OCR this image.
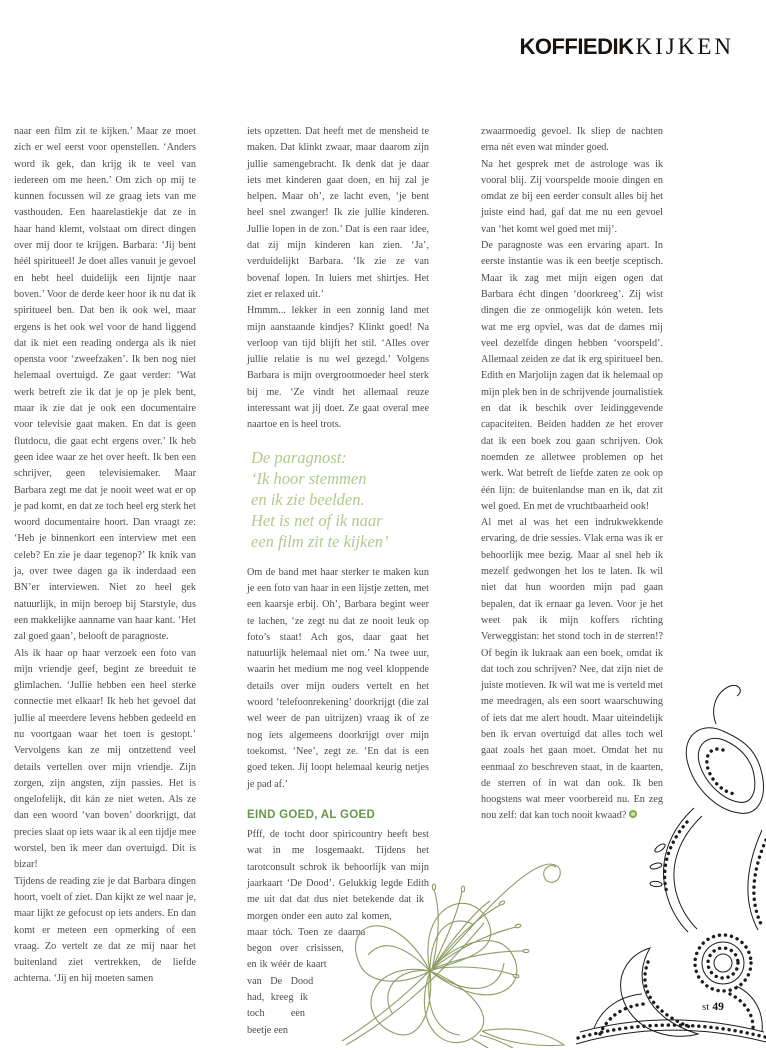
KOFFIEDIKKIJKEN

naar een film zit te kijken.’ Maar ze moet zich er wel eerst voor openstellen. ‘Anders word ik gek, dan krijg ik te veel van iedereen om me heen.’ Om zich op mij te kunnen focussen wil ze graag iets van me vasthouden. Een haarelastiekje dat ze in haar hand klemt, volstaat om direct dingen over mij door te krijgen. Barbara: ‘Jij bent héél spiritueel! Je doet alles vanuit je gevoel en hebt heel duidelijk een lijntje naar boven.’ Voor de derde keer hoor ik nu dat ik spiritueel ben. Dat ben ik ook wel, maar ergens is het ook wel voor de hand liggend dat ik niet een reading onderga als ik niet opensta voor ‘zweefzaken’. Ik ben nog niet helemaal overtuigd. Ze gaat verder: ‘Wat werk betreft zie ik dat je op je plek bent, maar ik zie dat je ook een documentaire voor televisie gaat maken. En dat is geen flutdocu, die gaat echt ergens over.’ Ik heb geen idee waar ze het over heeft. Ik ben een schrijver, geen televisiemaker. Maar Barbara zegt me dat je nooit weet wat er op je pad komt, en dat ze toch heel erg sterk het woord documentaire hoort. Dan vraagt ze: ‘Heb je binnenkort een interview met een celeb? En zie je daar tegenop?’ Ik knik van ja, over twee dagen ga ik inderdaad een BN’er interviewen. Niet zo heel gek natuurlijk, in mijn beroep bij Starstyle, dus een makkelijke aanname van haar kant. ‘Het zal goed gaan’, belooft de paragnoste.

Als ik haar op haar verzoek een foto van mijn vriendje geef, begint ze breeduit te glimlachen. ‘Jullie hebben een heel sterke connectie met elkaar! Ik heb het gevoel dat jullie al meerdere levens hebben gedeeld en nu voortgaan waar het toen is gestopt.’ Vervolgens kan ze mij ontzettend veel details vertellen over mijn vriendje. Zijn zorgen, zijn angsten, zijn passies. Het is ongelofelijk, dit kán ze niet weten. Als ze dan een woord ‘van boven’ doorkrijgt, dat precies slaat op iets waar ik al een tijdje mee worstel, ben ik meer dan overtuigd. Dit is bizar!

Tijdens de reading zie je dat Barbara dingen hoort, voelt of ziet. Dan kijkt ze wel naar je, maar lijkt ze gefocust op iets anders. En dan komt er meteen een opmerking of een vraag. Zo vertelt ze dat ze mij naar het buitenland ziet vertrekken, de liefde achterna. ‘Jij en hij moeten samen

iets opzetten. Dat heeft met de mensheid te maken. Dat klinkt zwaar, maar daarom zijn jullie samengebracht. Ik denk dat je daar iets met kinderen gaat doen, en hij zal je helpen. Maar oh’, ze lacht even, ‘je bent heel snel zwanger! Ik zie jullie kinderen. Jullie lopen in de zon.’ Dat is een raar idee, dat zij mijn kinderen kan zien. ‘Ja’, verduidelijkt Barbara. ‘Ik zie ze van bovenaf lopen. In luiers met shirtjes. Het ziet er relaxed uit.’

Hmmm... lekker in een zonnig land met mijn aanstaande kindjes? Klinkt goed! Na verloop van tijd blijft het stil. ‘Alles over jullie relatie is nu wel gezegd.’ Volgens Barbara is mijn overgrootmoeder heel sterk bij me. ‘Ze vindt het allemaal reuze interessant wat jij doet. Ze gaat overal mee naartoe en is heel trots.

De paragnost:
‘Ik hoor stemmen
en ik zie beelden.
Het is net of ik naar
een film zit te kijken’

Om de band met haar sterker te maken kun je een foto van haar in een lijstje zetten, met een kaarsje erbij. Oh’, Barbara begint weer te lachen, ‘ze zegt nu dat ze nooit leuk op foto’s staat! Ach gos, daar gaat het natuurlijk helemaal niet om.’ Na twee uur, waarin het medium me nog veel kloppende details over mijn ouders vertelt en het woord ‘telefoonrekening’ doorkrijgt (die zal wel weer de pan uitrijzen) vraag ik of ze nog iets algemeens doorkrijgt over mijn toekomst. ‘Nee’, zegt ze. ‘En dat is een goed teken. Jij loopt helemaal keurig netjes je pad af.’

EIND GOED, AL GOED

Pfff, de tocht door spiricountry heeft best wat in me losgemaakt. Tijdens het tarotconsult schrok ik behoorlijk van mijn jaarkaart ‘De Dood’. Gelukkig legde Edith me uit dat dat dus niet betekende dat ik morgen onder een auto zal komen, maar tóch. Toen ze daarna begon over crisissen, en ik wéér de kaart van De Dood had, kreeg ik toch een beetje een

zwaarmoedig gevoel. Ik sliep de nachten erna nét even wat minder goed.

Na het gesprek met de astrologe was ik vooral blij. Zij voorspelde mooie dingen en omdat ze bij een eerder consult alles bij het juiste eind had, gaf dat me nu een gevoel van ‘het komt wel goed met mij’.

De paragnoste was een ervaring apart. In eerste instantie was ik een beetje sceptisch. Maar ik zag met mijn eigen ogen dat Barbara écht dingen ‘doorkreeg’. Zij wist dingen die ze onmogelijk kón weten. Iets wat me erg opviel, was dat de dames mij veel dezelfde dingen hebben ‘voorspeld’. Allemaal zeiden ze dat ik erg spiritueel ben. Edith en Marjolijn zagen dat ik helemaal op mijn plek ben in de schrijvende journalistiek en dat ik beschik over leidinggevende capaciteiten. Beiden hadden ze het erover dat ik een boek zou gaan schrijven. Ook noemden ze alletwee problemen op het werk. Wat betreft de liefde zaten ze ook op één lijn: de buitenlandse man en ik, dat zit wel goed. En met de vruchtbaarheid ook!

Al met al was het een indrukwekkende ervaring, de drie sessies. Vlak erna was ik er behoorlijk mee bezig. Maar al snel heb ik mezelf gedwongen het los te laten. Ik wil niet dat hun woorden mijn pad gaan bepalen, dat ik ernaar ga leven. Voor je het weet pak ik mijn koffers richting Verweggistan: het stond toch in de sterren!? Of begin ik lukraak aan een boek, omdat ik dat toch zou schrijven? Nee, dat zijn niet de juiste motieven. Ik wil wat me is verteld met me meedragen, als een soort waarschuwing of iets dat me alert houdt. Maar uiteindelijk ben ik ervan overtuigd dat alles toch wel gaat zoals het gaan moet. Omdat het nu eenmaal zo beschreven staat, in de kaarten, de sterren of in wat dan ook. Ik ben hoogstens wat meer voorbereid nu. En zeg nou zelf: dat kan toch nooit kwaad?

st 49
